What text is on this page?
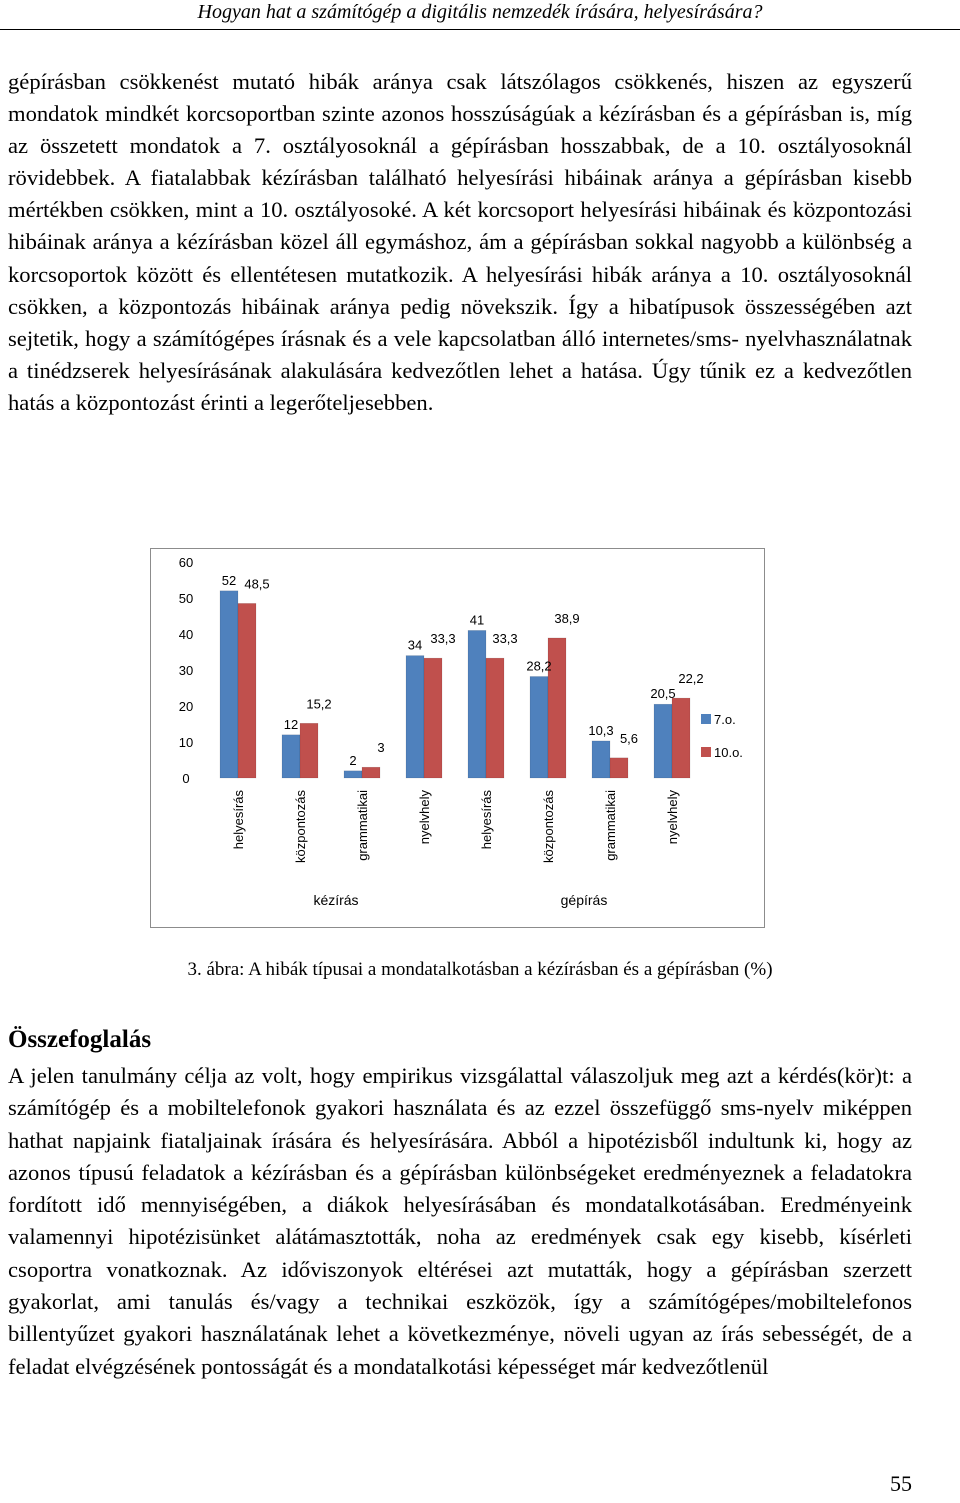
Hogyan hat a számítógép a digitális nemzedék írására, helyesírására?

gépírásban csökkenést mutató hibák aránya csak látszólagos csökkenés, hiszen az egyszerű mondatok mindkét korcsoportban szinte azonos hosszúságúak a kézírásban és a gépírásban is, míg az összetett mondatok a 7. osztályosoknál a gépírásban hosszabbak, de a 10. osztályosoknál rövidebbek. A fiatalabbak kézírásban található helyesírási hibáinak aránya a gépírásban kisebb mértékben csökken, mint a 10. osztályosoké. A két korcsoport helyesírási hibáinak és központozási hibáinak aránya a kézírásban közel áll egymáshoz, ám a gépírásban sokkal nagyobb a különbség a korcsoportok között és ellentétesen mutatkozik. A helyesírási hibák aránya a 10. osztályosoknál csökken, a központozás hibáinak aránya pedig növekszik. Így a hibatípusok összességében azt sejtetik, hogy a számítógépes írásnak és a vele kapcsolatban álló internetes/sms- nyelvhasználatnak a tinédzserek helyesírásának alakulására kedvezőtlen lehet a hatása. Úgy tűnik ez a kedvezőtlen hatás a központozást érinti a legerőteljesebben.

0
10
20
30
40
50
60
52
12
2
34
41
28,2
10,3
20,5
48,5
15,2
3
33,3	33,3
38,9
5,6
22,2
helyesírás	központozás	grammatikai	nyelvhely	helyesírás	központozás	grammatikai	nyelvhely
kézírás	gépírás
7.o.
10.o.
3. ábra: A hibák típusai a mondatalkotásban a kézírásban és a gépírásban (%)
Összefoglalás

A jelen tanulmány célja az volt, hogy empirikus vizsgálattal válaszoljuk meg azt a kérdés(kör)t: a számítógép és a mobiltelefonok gyakori használata és az ezzel összefüggő sms-nyelv miképpen hathat napjaink fiataljainak írására és helyesírására. Abból a hipotézisből indultunk ki, hogy az azonos típusú feladatok a kézírásban és a gépírásban különbségeket eredményeznek a feladatokra fordított idő mennyiségében, a diákok helyesírásában és mondatalkotásában. Eredményeink valamennyi hipotézisünket alátámasztották, noha az eredmények csak egy kisebb, kísérleti csoportra vonatkoznak. Az időviszonyok eltérései azt mutatták, hogy a gépírásban szerzett gyakorlat, ami tanulás és/vagy a technikai eszközök, így a számítógépes/mobiltelefonos billentyűzet gyakori használatának lehet a következménye, növeli ugyan az írás sebességét, de a feladat elvégzésének pontosságát és a mondatalkotási képességet már kedvezőtlenül

55
